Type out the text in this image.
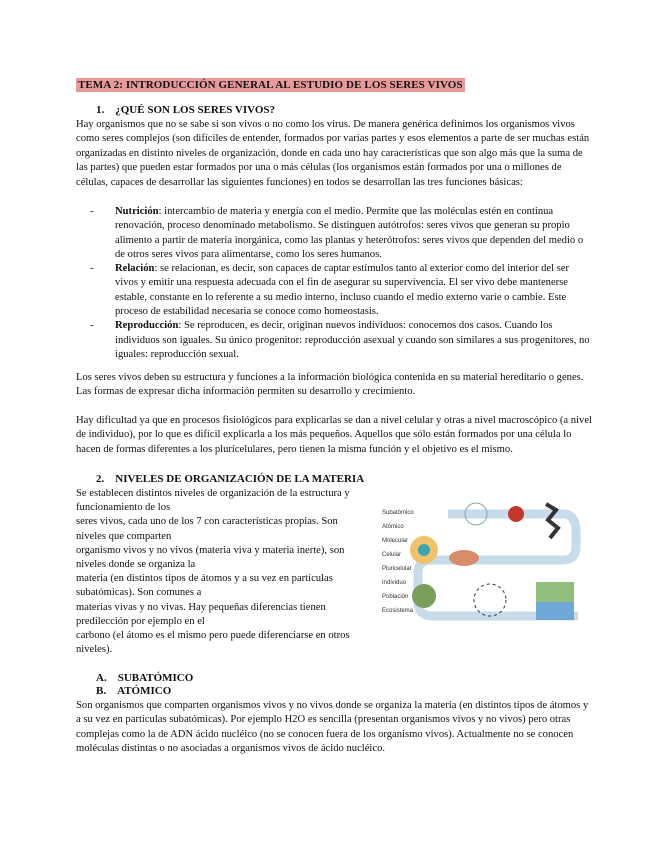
TEMA 2: INTRODUCCIÓN GENERAL AL ESTUDIO DE LOS SERES VIVOS
1. ¿QUÉ SON LOS SERES VIVOS?
Hay organismos que no se sabe si son vivos o no como los virus. De manera genérica definimos los organismos vivos como seres complejos (son difíciles de entender, formados por varias partes y esos elementos a parte de ser muchas están organizadas en distinto niveles de organización, donde en cada uno hay características que son algo más que la suma de las partes) que pueden estar formados por una o más células (los organismos están formados por una o millones de células, capaces de desarrollar las siguientes funciones) en todos se desarrollan las tres funciones básicas:
- Nutrición: intercambio de materia y energía con el medio. Permite que las moléculas estén en continua renovación, proceso denominado metabolismo. Se distinguen autótrofos: seres vivos que generan su propio alimento a partir de materia inorgánica, como las plantas y heterótrofos: seres vivos que dependen del medio o de otros seres vivos para alimentarse, como los seres humanos.
- Relación: se relacionan, es decir, son capaces de captar estímulos tanto al exterior como del interior del ser vivos y emitir una respuesta adecuada con el fin de asegurar su supervivencia. El ser vivo debe mantenerse estable, constante en lo referente a su medio interno, incluso cuando el medio externo varíe o cambie. Este proceso de estabilidad necesaria se conoce como homeostasis.
- Reproducción: Se reproducen, es decir, originan nuevos individuos: conocemos dos casos. Cuando los individuos son iguales. Su único progenitor: reproducción asexual y cuando son similares a sus progenitores, no iguales: reproducción sexual.
Los seres vivos deben su estructura y funciones a la información biológica contenida en su material hereditario o genes. Las formas de expresar dicha información permiten su desarrollo y crecimiento.
Hay dificultad ya que en procesos fisiológicos para explicarlas se dan a nivel celular y otras a nivel macroscópico (a nivel de individuo), por lo que es difícil explicarla a los más pequeños. Aquellos que sólo están formados por una célula lo hacen de formas diferentes a los pluricelulares, pero tienen la misma función y el objetivo es el mismo.
2. NIVELES DE ORGANIZACIÓN DE LA MATERIA
Se establecen distintos niveles de organización de la estructura y
funcionamiento de los
seres vivos, cada uno de los 7 con características propias. Son
niveles que comparten
organismo vivos y no vivos (materia viva y materia inerte), son
niveles donde se organiza la
materia (en distintos tipos de átomos y a su vez en partículas
subatómicas). Son comunes a
materias vivas y no vivas. Hay pequeñas diferencias tienen
predilección por ejemplo en el
carbono (el átomo es el mismo pero puede diferenciarse en otros
niveles).
Subatómico
Atómico
Molecular
Celular
Pluricelular
Individuo
Población
Ecosistema
A. SUBATÓMICO
B. ATÓMICO
Son organismos que comparten organismos vivos y no vivos donde se organiza la materia (en distintos tipos de átomos y a su vez en partículas subatómicas). Por ejemplo H2O es sencilla (presentan organismos vivos y no vivos) pero otras complejas como la de ADN ácido nucléico (no se conocen fuera de los organismo vivos). Actualmente no se conocen moléculas distintas o no asociadas a organismos vivos de ácido nucléico.
